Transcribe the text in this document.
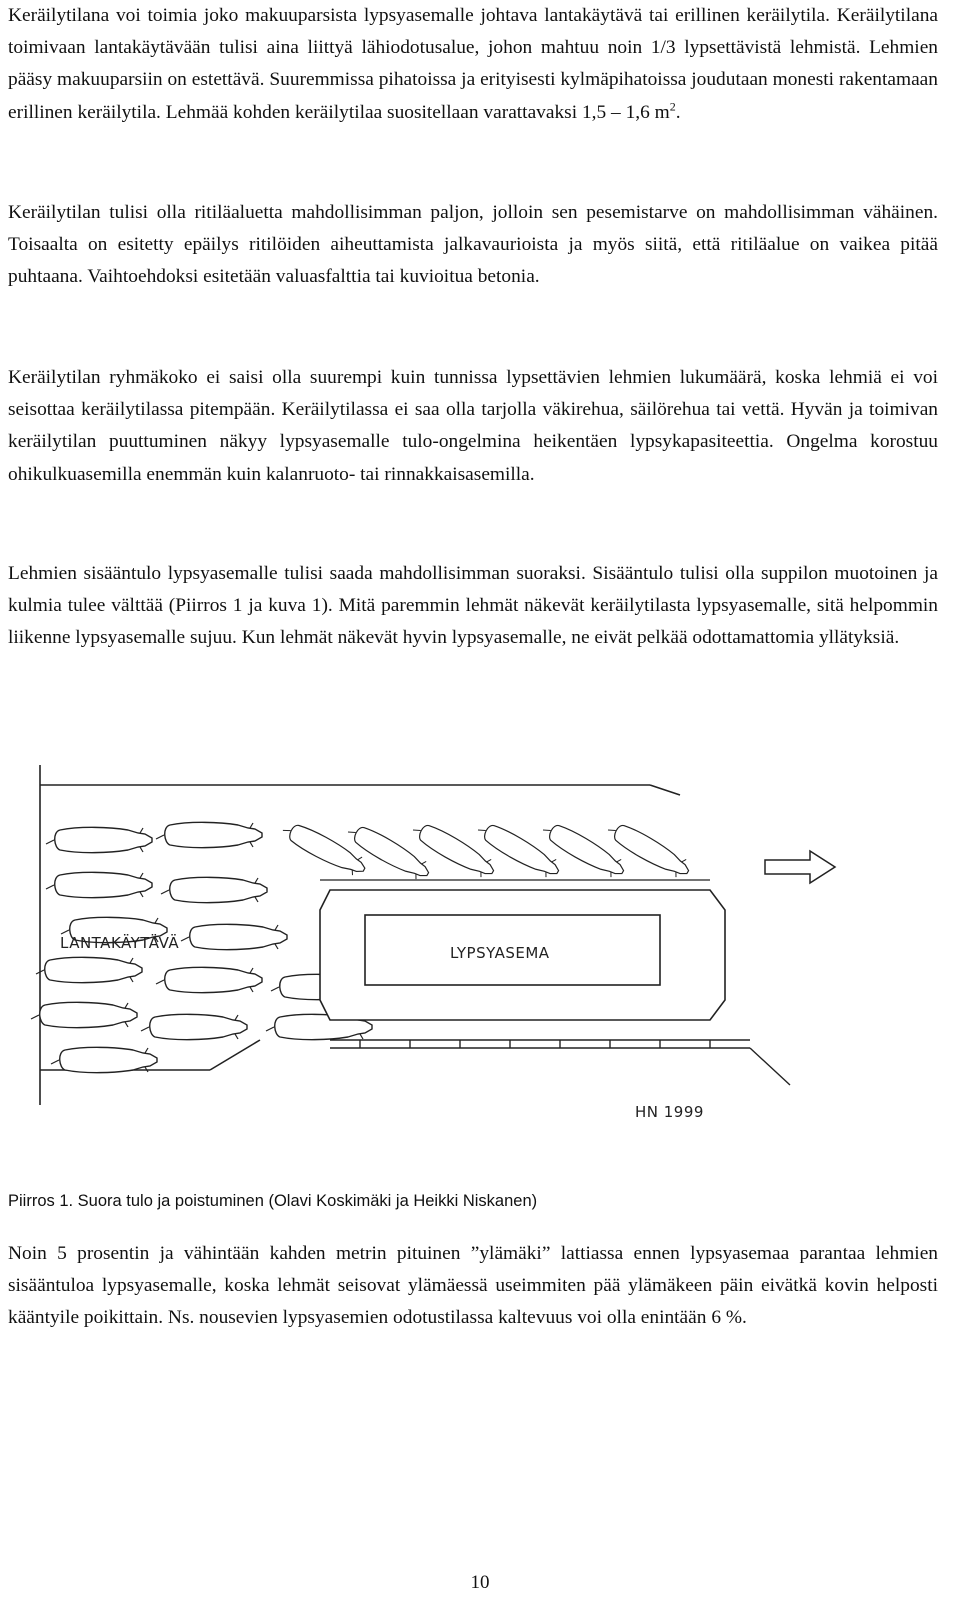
Keräilytilana voi toimia joko makuuparsista lypsyasemalle johtava lantakäytävä tai erillinen keräilytila. Keräilytilana toimivaan lantakäytävään tulisi aina liittyä lähiodotusalue, johon mahtuu noin 1/3 lypsettävistä lehmistä. Lehmien pääsy makuuparsiin on estettävä. Suuremmissa pihatoissa ja erityisesti kylmäpihatoissa joudutaan monesti rakentamaan erillinen keräilytila. Lehmää kohden keräilytilaa suositellaan varattavaksi 1,5 – 1,6 $m^2$.

Keräilytilan tulisi olla ritiläaluetta mahdollisimman paljon, jolloin sen pesemistarve on mahdollisimman vähäinen. Toisaalta on esitetty epäilys ritilöiden aiheuttamista jalkavaurioista ja myös siitä, että ritiläalue on vaikea pitää puhtaana. Vaihtoehdoksi esitetään valuasfalttia tai kuvioitua betonia.

Keräilytilan ryhmäkoko ei saisi olla suurempi kuin tunnissa lypsettävien lehmien lukumäärä, koska lehmiä ei voi seisottaa keräilytilassa pitempään. Keräilytilassa ei saa olla tarjolla väkirehua, säilörehua tai vettä. Hyvän ja toimivan keräilytilan puuttuminen näkyy lypsyasemalle tulo-ongelmina heikentäen lypsykapasiteettia. Ongelma korostuu ohikulkuasemilla enemmän kuin kalanruoto- tai rinnakkaisasemilla.

Lehmien sisääntulo lypsyasemalle tulisi saada mahdollisimman suoraksi. Sisääntulo tulisi olla suppilon muotoinen ja kulmia tulee välttää (Piirros 1 ja kuva 1). Mitä paremmin lehmät näkevät keräilytilasta lypsyasemalle, sitä helpommin liikenne lypsyasemalle sujuu. Kun lehmät näkevät hyvin lypsyasemalle, ne eivät pelkää odottamattomia yllätyksiä.

LYPSYASEMA
LANTAKÄYTÄVÄ
HN 1999

Piirros 1. Suora tulo ja poistuminen (Olavi Koskimäki ja Heikki Niskanen)

Noin 5 prosentin ja vähintään kahden metrin pituinen ”ylämäki” lattiassa ennen lypsyasemaa parantaa lehmien sisääntuloa lypsyasemalle, koska lehmät seisovat ylämäessä useimmiten pää ylämäkeen päin eivätkä kovin helposti kääntyile poikittain. Ns. nousevien lypsyasemien odotustilassa kaltevuus voi olla enintään 6 %.

10
